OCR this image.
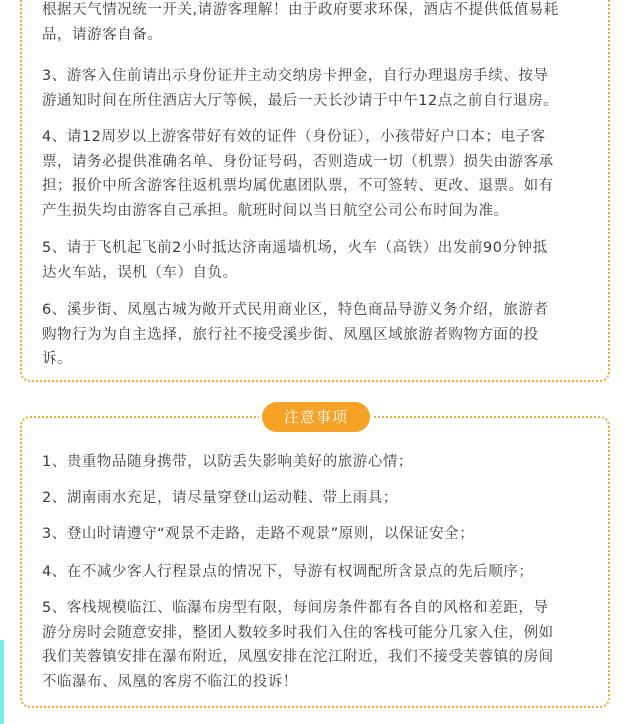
根据天气情况统一开关,请游客理解！由于政府要求环保，酒店不提供低值易耗
品，请游客自备。

3、游客入住前请出示身份证并主动交纳房卡押金，自行办理退房手续、按导
游通知时间在所住酒店大厅等候，最后一天长沙请于中午12点之前自行退房。

4、请12周岁以上游客带好有效的证件（身份证），小孩带好户口本；电子客
票，请务必提供准确名单、身份证号码，否则造成一切（机票）损失由游客承
担；报价中所含游客往返机票均属优惠团队票，不可签转、更改、退票。如有
产生损失均由游客自己承担。航班时间以当日航空公司公布时间为准。

5、请于飞机起飞前2小时抵达济南遥墙机场，火车（高铁）出发前90分钟抵
达火车站，误机（车）自负。

6、溪步街、凤凰古城为敞开式民用商业区，特色商品导游义务介绍，旅游者
购物行为为自主选择，旅行社不接受溪步街、凤凰区域旅游者购物方面的投
诉。

注意事项

1、贵重物品随身携带，以防丢失影响美好的旅游心情；

2、湖南雨水充足，请尽量穿登山运动鞋、带上雨具；

3、登山时请遵守“观景不走路，走路不观景”原则，以保证安全；

4、在不减少客人行程景点的情况下，导游有权调配所含景点的先后顺序；

5、客栈规模临江、临瀑布房型有限，每间房条件都有各自的风格和差距，导
游分房时会随意安排，整团人数较多时我们入住的客栈可能分几家入住，例如
我们芙蓉镇安排在瀑布附近，凤凰安排在沱江附近，我们不接受芙蓉镇的房间
不临瀑布、凤凰的客房不临江的投诉！
